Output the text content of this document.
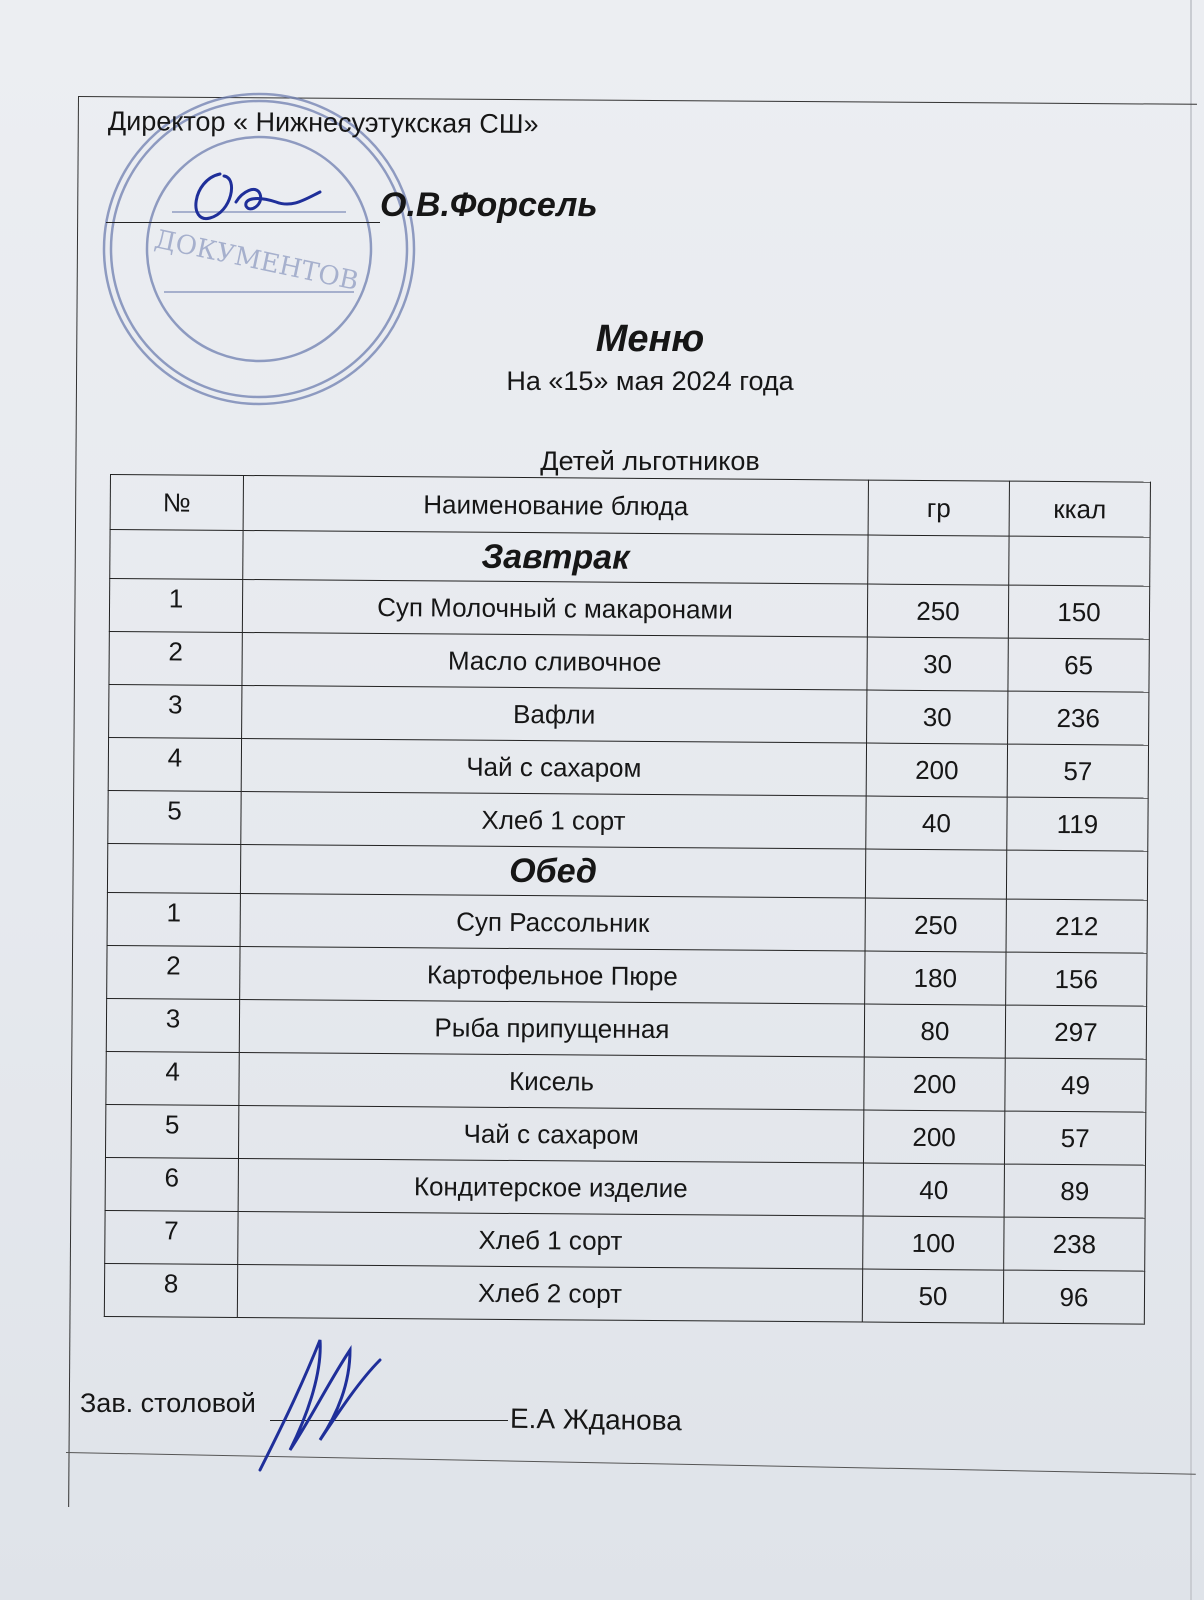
ДОКУМЕНТОВ
Директор « Нижнесуэтукская СШ»
О.В.Форсель
Меню
На «15» мая 2024 года
Детей льготников
№	Наименование блюда	гр	ккал
	Завтрак		
1	Суп Молочный с макаронами	250	150
2	Масло сливочное	30	65
3	Вафли	30	236
4	Чай с сахаром	200	57
5	Хлеб 1 сорт	40	119
	Обед		
1	Суп Рассольник	250	212
2	Картофельное Пюре	180	156
3	Рыба припущенная	80	297
4	Кисель	200	49
5	Чай с сахаром	200	57
6	Кондитерское изделие	40	89
7	Хлеб 1 сорт	100	238
8	Хлеб 2 сорт	50	96
Зав. столовой	Е.А Жданова
